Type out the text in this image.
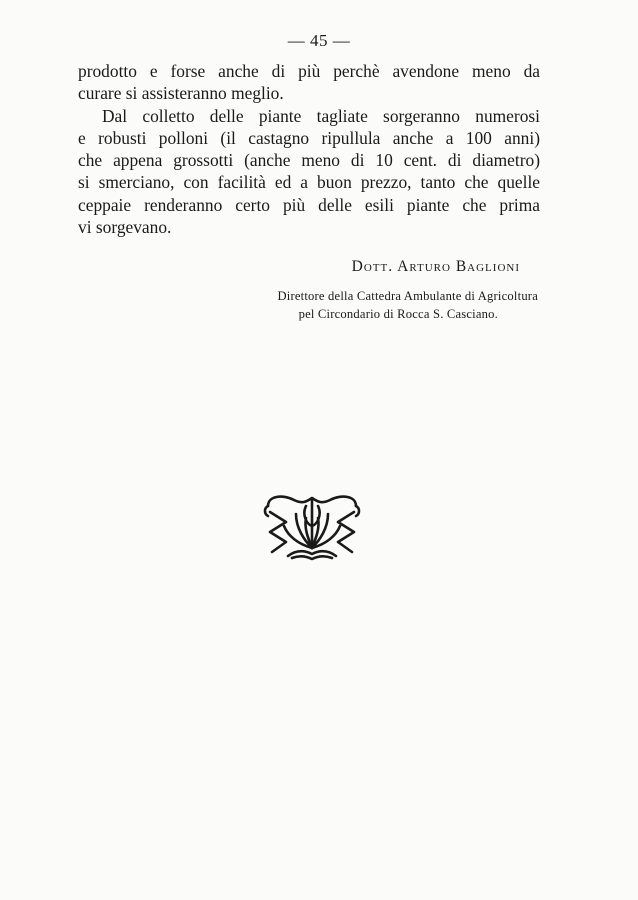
— 45 —
prodotto e forse anche di più perchè avendone meno da
curare si assisteranno meglio.
Dal colletto delle piante tagliate sorgeranno numerosi
e robusti polloni (il castagno ripullula anche a 100 anni)
che appena grossotti (anche meno di 10 cent. di diametro)
si smerciano, con facilità ed a buon prezzo, tanto che quelle
ceppaie renderanno certo più delle esili piante che prima
vi sorgevano.
Dott. Arturo Baglioni
Direttore della Cattedra Ambulante di Agricoltura
pel Circondario di Rocca S. Casciano.
